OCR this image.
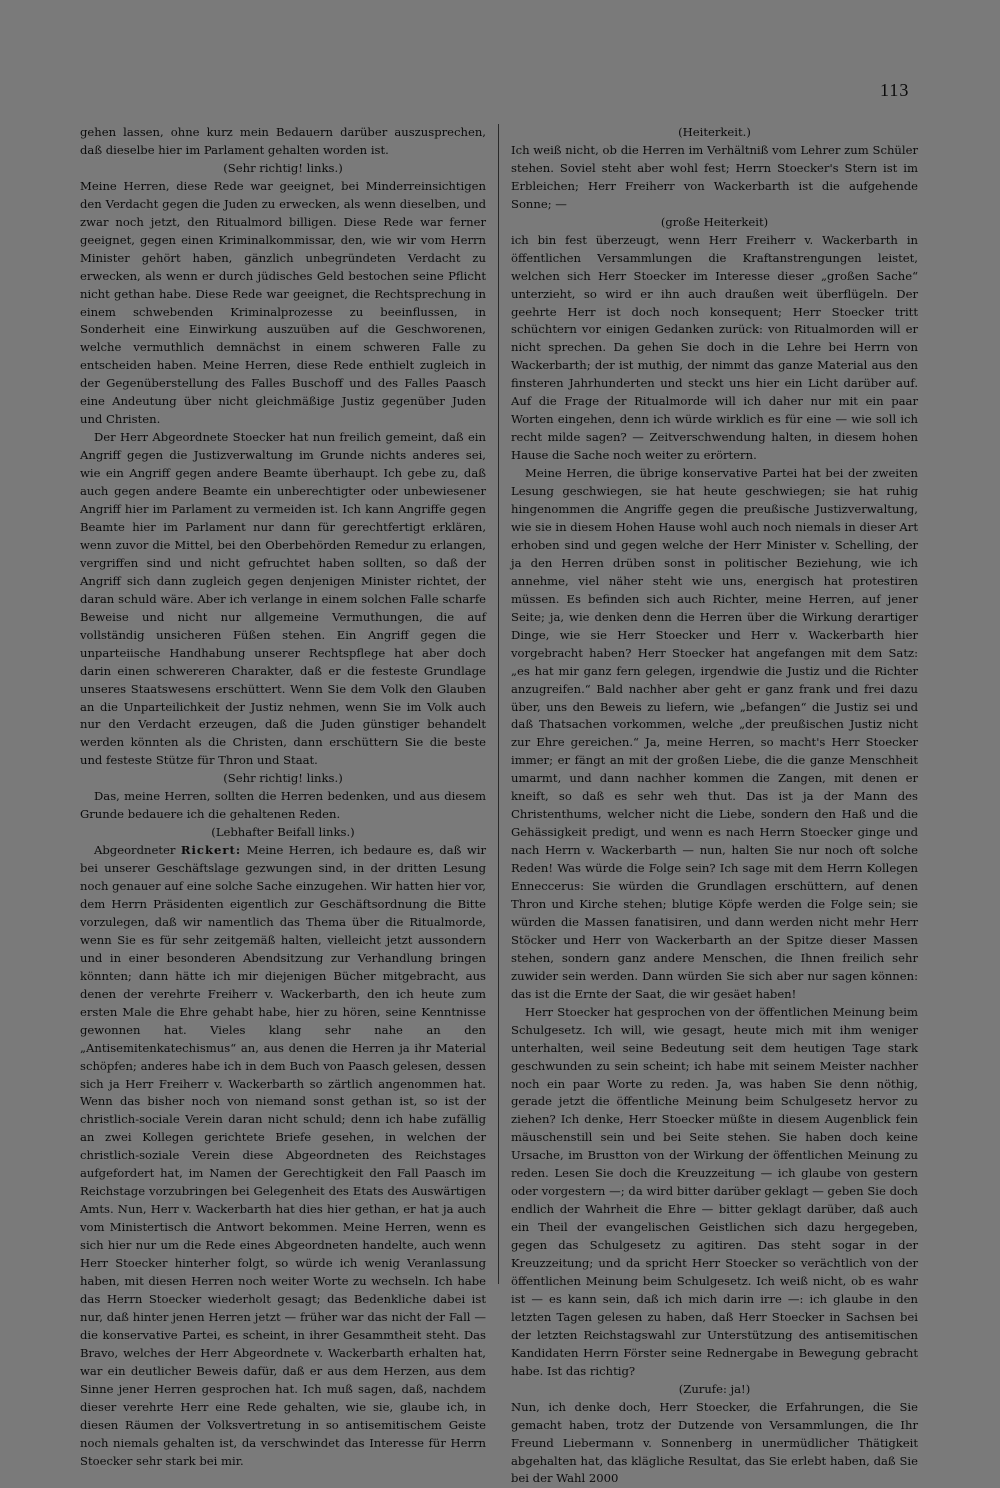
113

gehen lassen, ohne kurz mein Bedauern darüber auszusprechen, daß dieselbe hier im Parlament gehalten worden ist.

(Sehr richtig! links.)

Meine Herren, diese Rede war geeignet, bei Minderreinsichtigen den Verdacht gegen die Juden zu erwecken, als wenn dieselben, und zwar noch jetzt, den Ritualmord billigen. Diese Rede war ferner geeignet, gegen einen Kriminalkommissar, den, wie wir vom Herrn Minister gehört haben, gänzlich unbegründeten Verdacht zu erwecken, als wenn er durch jüdisches Geld bestochen seine Pflicht nicht gethan habe. Diese Rede war geeignet, die Rechtsprechung in einem schwebenden Kriminalprozesse zu beeinflussen, in Sonderheit eine Einwirkung auszuüben auf die Geschworenen, welche vermuthlich demnächst in einem schweren Falle zu entscheiden haben. Meine Herren, diese Rede enthielt zugleich in der Gegenüberstellung des Falles Buschoff und des Falles Paasch eine Andeutung über nicht gleichmäßige Justiz gegenüber Juden und Christen.

Der Herr Abgeordnete Stoecker hat nun freilich gemeint, daß ein Angriff gegen die Justizverwaltung im Grunde nichts anderes sei, wie ein Angriff gegen andere Beamte überhaupt. Ich gebe zu, daß auch gegen andere Beamte ein unberechtigter oder unbewiesener Angriff hier im Parlament zu vermeiden ist. Ich kann Angriffe gegen Beamte hier im Parlament nur dann für gerechtfertigt erklären, wenn zuvor die Mittel, bei den Oberbehörden Remedur zu erlangen, vergriffen sind und nicht gefruchtet haben sollten, so daß der Angriff sich dann zugleich gegen denjenigen Minister richtet, der daran schuld wäre. Aber ich verlange in einem solchen Falle scharfe Beweise und nicht nur allgemeine Vermuthungen, die auf vollständig unsicheren Füßen stehen. Ein Angriff gegen die unparteiische Handhabung unserer Rechtspflege hat aber doch darin einen schwereren Charakter, daß er die festeste Grundlage unseres Staatswesens erschüttert. Wenn Sie dem Volk den Glauben an die Unparteilichkeit der Justiz nehmen, wenn Sie im Volk auch nur den Verdacht erzeugen, daß die Juden günstiger behandelt werden könnten als die Christen, dann erschüttern Sie die beste und festeste Stütze für Thron und Staat.

(Sehr richtig! links.)

Das, meine Herren, sollten die Herren bedenken, und aus diesem Grunde bedauere ich die gehaltenen Reden.

(Lebhafter Beifall links.)

Abgeordneter Rickert: Meine Herren, ich bedaure es, daß wir bei unserer Geschäftslage gezwungen sind, in der dritten Lesung noch genauer auf eine solche Sache einzugehen. Wir hatten hier vor, dem Herrn Präsidenten eigentlich zur Geschäftsordnung die Bitte vorzulegen, daß wir namentlich das Thema über die Ritualmorde, wenn Sie es für sehr zeitgemäß halten, vielleicht jetzt aussondern und in einer besonderen Abendsitzung zur Verhandlung bringen könnten; dann hätte ich mir diejenigen Bücher mitgebracht, aus denen der verehrte Freiherr v. Wackerbarth, den ich heute zum ersten Male die Ehre gehabt habe, hier zu hören, seine Kenntnisse gewonnen hat. Vieles klang sehr nahe an den „Antisemitenkatechismus“ an, aus denen die Herren ja ihr Material schöpfen; anderes habe ich in dem Buch von Paasch gelesen, dessen sich ja Herr Freiherr v. Wackerbarth so zärtlich angenommen hat. Wenn das bisher noch von niemand sonst gethan ist, so ist der christlich-sociale Verein daran nicht schuld; denn ich habe zufällig an zwei Kollegen gerichtete Briefe gesehen, in welchen der christlich-soziale Verein diese Abgeordneten des Reichstages aufgefordert hat, im Namen der Gerechtigkeit den Fall Paasch im Reichstage vorzubringen bei Gelegenheit des Etats des Auswärtigen Amts. Nun, Herr v. Wackerbarth hat dies hier gethan, er hat ja auch vom Ministertisch die Antwort bekommen. Meine Herren, wenn es sich hier nur um die Rede eines Abgeordneten handelte, auch wenn Herr Stoecker hinterher folgt, so würde ich wenig Veranlassung haben, mit diesen Herren noch weiter Worte zu wechseln. Ich habe das Herrn Stoecker wiederholt gesagt; das Bedenkliche dabei ist nur, daß hinter jenen Herren jetzt — früher war das nicht der Fall — die konservative Partei, es scheint, in ihrer Gesammtheit steht. Das Bravo, welches der Herr Abgeordnete v. Wackerbarth erhalten hat, war ein deutlicher Beweis dafür, daß er aus dem Herzen, aus dem Sinne jener Herren gesprochen hat. Ich muß sagen, daß, nachdem dieser verehrte Herr eine Rede gehalten, wie sie, glaube ich, in diesen Räumen der Volksvertretung in so antisemitischem Geiste noch niemals gehalten ist, da verschwindet das Interesse für Herrn Stoecker sehr stark bei mir.

(Heiterkeit.)

Ich weiß nicht, ob die Herren im Verhältniß vom Lehrer zum Schüler stehen. Soviel steht aber wohl fest; Herrn Stoecker's Stern ist im Erbleichen; Herr Freiherr von Wackerbarth ist die aufgehende Sonne; —

(große Heiterkeit)

ich bin fest überzeugt, wenn Herr Freiherr v. Wackerbarth in öffentlichen Versammlungen die Kraftanstrengungen leistet, welchen sich Herr Stoecker im Interesse dieser „großen Sache“ unterzieht, so wird er ihn auch draußen weit überflügeln. Der geehrte Herr ist doch noch konsequent; Herr Stoecker tritt schüchtern vor einigen Gedanken zurück: von Ritualmorden will er nicht sprechen. Da gehen Sie doch in die Lehre bei Herrn von Wackerbarth; der ist muthig, der nimmt das ganze Material aus den finsteren Jahrhunderten und steckt uns hier ein Licht darüber auf. Auf die Frage der Ritualmorde will ich daher nur mit ein paar Worten eingehen, denn ich würde wirklich es für eine — wie soll ich recht milde sagen? — Zeitverschwendung halten, in diesem hohen Hause die Sache noch weiter zu erörtern.

Meine Herren, die übrige konservative Partei hat bei der zweiten Lesung geschwiegen, sie hat heute geschwiegen; sie hat ruhig hingenommen die Angriffe gegen die preußische Justizverwaltung, wie sie in diesem Hohen Hause wohl auch noch niemals in dieser Art erhoben sind und gegen welche der Herr Minister v. Schelling, der ja den Herren drüben sonst in politischer Beziehung, wie ich annehme, viel näher steht wie uns, energisch hat protestiren müssen. Es befinden sich auch Richter, meine Herren, auf jener Seite; ja, wie denken denn die Herren über die Wirkung derartiger Dinge, wie sie Herr Stoecker und Herr v. Wackerbarth hier vorgebracht haben? Herr Stoecker hat angefangen mit dem Satz: „es hat mir ganz fern gelegen, irgendwie die Justiz und die Richter anzugreifen.“ Bald nachher aber geht er ganz frank und frei dazu über, uns den Beweis zu liefern, wie „befangen“ die Justiz sei und daß Thatsachen vorkommen, welche „der preußischen Justiz nicht zur Ehre gereichen.“ Ja, meine Herren, so macht's Herr Stoecker immer; er fängt an mit der großen Liebe, die die ganze Menschheit umarmt, und dann nachher kommen die Zangen, mit denen er kneift, so daß es sehr weh thut. Das ist ja der Mann des Christenthums, welcher nicht die Liebe, sondern den Haß und die Gehässigkeit predigt, und wenn es nach Herrn Stoecker ginge und nach Herrn v. Wackerbarth — nun, halten Sie nur noch oft solche Reden! Was würde die Folge sein? Ich sage mit dem Herrn Kollegen Enneccerus: Sie würden die Grundlagen erschüttern, auf denen Thron und Kirche stehen; blutige Köpfe werden die Folge sein; sie würden die Massen fanatisiren, und dann werden nicht mehr Herr Stöcker und Herr von Wackerbarth an der Spitze dieser Massen stehen, sondern ganz andere Menschen, die Ihnen freilich sehr zuwider sein werden. Dann würden Sie sich aber nur sagen können: das ist die Ernte der Saat, die wir gesäet haben!

Herr Stoecker hat gesprochen von der öffentlichen Meinung beim Schulgesetz. Ich will, wie gesagt, heute mich mit ihm weniger unterhalten, weil seine Bedeutung seit dem heutigen Tage stark geschwunden zu sein scheint; ich habe mit seinem Meister nachher noch ein paar Worte zu reden. Ja, was haben Sie denn nöthig, gerade jetzt die öffentliche Meinung beim Schulgesetz hervor zu ziehen? Ich denke, Herr Stoecker müßte in diesem Augenblick fein mäuschenstill sein und bei Seite stehen. Sie haben doch keine Ursache, im Brustton von der Wirkung der öffentlichen Meinung zu reden. Lesen Sie doch die Kreuzzeitung — ich glaube von gestern oder vorgestern —; da wird bitter darüber geklagt — geben Sie doch endlich der Wahrheit die Ehre — bitter geklagt darüber, daß auch ein Theil der evangelischen Geistlichen sich dazu hergegeben, gegen das Schulgesetz zu agitiren. Das steht sogar in der Kreuzzeitung; und da spricht Herr Stoecker so verächtlich von der öffentlichen Meinung beim Schulgesetz. Ich weiß nicht, ob es wahr ist — es kann sein, daß ich mich darin irre —: ich glaube in den letzten Tagen gelesen zu haben, daß Herr Stoecker in Sachsen bei der letzten Reichstagswahl zur Unterstützung des antisemitischen Kandidaten Herrn Förster seine Rednergabe in Bewegung gebracht habe. Ist das richtig?

(Zurufe: ja!)

Nun, ich denke doch, Herr Stoecker, die Erfahrungen, die Sie gemacht haben, trotz der Dutzende von Versammlungen, die Ihr Freund Liebermann v. Sonnenberg in unermüdlicher Thätigkeit abgehalten hat, das klägliche Resultat, das Sie erlebt haben, daß Sie bei der Wahl 2000
